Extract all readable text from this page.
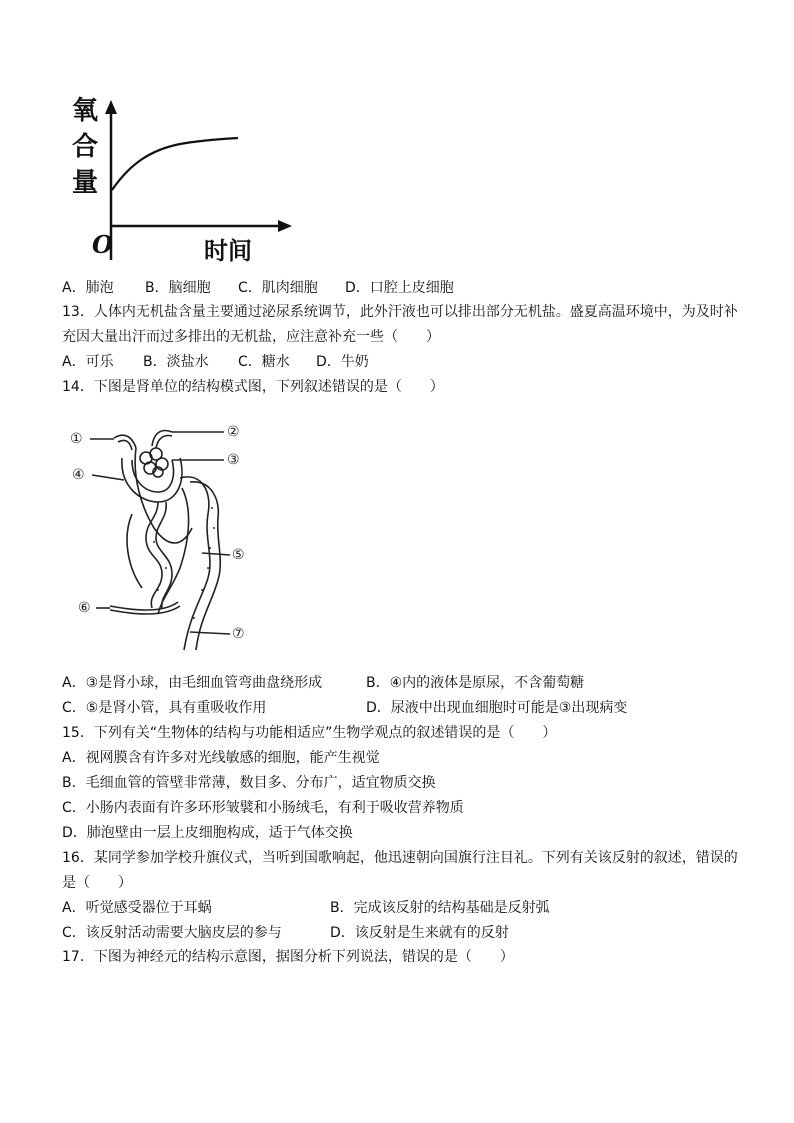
氧
合
量
O	时间
A．肺泡 B．脑细胞 C．肌肉细胞 D．口腔上皮细胞
13．人体内无机盐含量主要通过泌尿系统调节，此外汗液也可以排出部分无机盐。盛夏高温环境中，为及时补
充因大量出汗而过多排出的无机盐，应注意补充一些（　　）
A．可乐 B．淡盐水 C．糖水 D．牛奶
14．下图是肾单位的结构模式图，下列叙述错误的是（　　）
①	②
③
④
⑤
⑥
⑦
A．③是肾小球，由毛细血管弯曲盘绕形成	B．④内的液体是原尿，不含葡萄糖
C．⑤是肾小管，具有重吸收作用	D．尿液中出现血细胞时可能是③出现病变
15．下列有关“生物体的结构与功能相适应”生物学观点的叙述错误的是（　　）
A．视网膜含有许多对光线敏感的细胞，能产生视觉
B．毛细血管的管壁非常薄，数目多、分布广，适宜物质交换
C．小肠内表面有许多环形皱襞和小肠绒毛，有利于吸收营养物质
D．肺泡壁由一层上皮细胞构成，适于气体交换
16．某同学参加学校升旗仪式，当听到国歌响起，他迅速朝向国旗行注目礼。下列有关该反射的叙述，错误的
是（　　）
A．听觉感受器位于耳蜗	B．完成该反射的结构基础是反射弧
C．该反射活动需要大脑皮层的参与	D．该反射是生来就有的反射
17．下图为神经元的结构示意图，据图分析下列说法，错误的是（　　）
